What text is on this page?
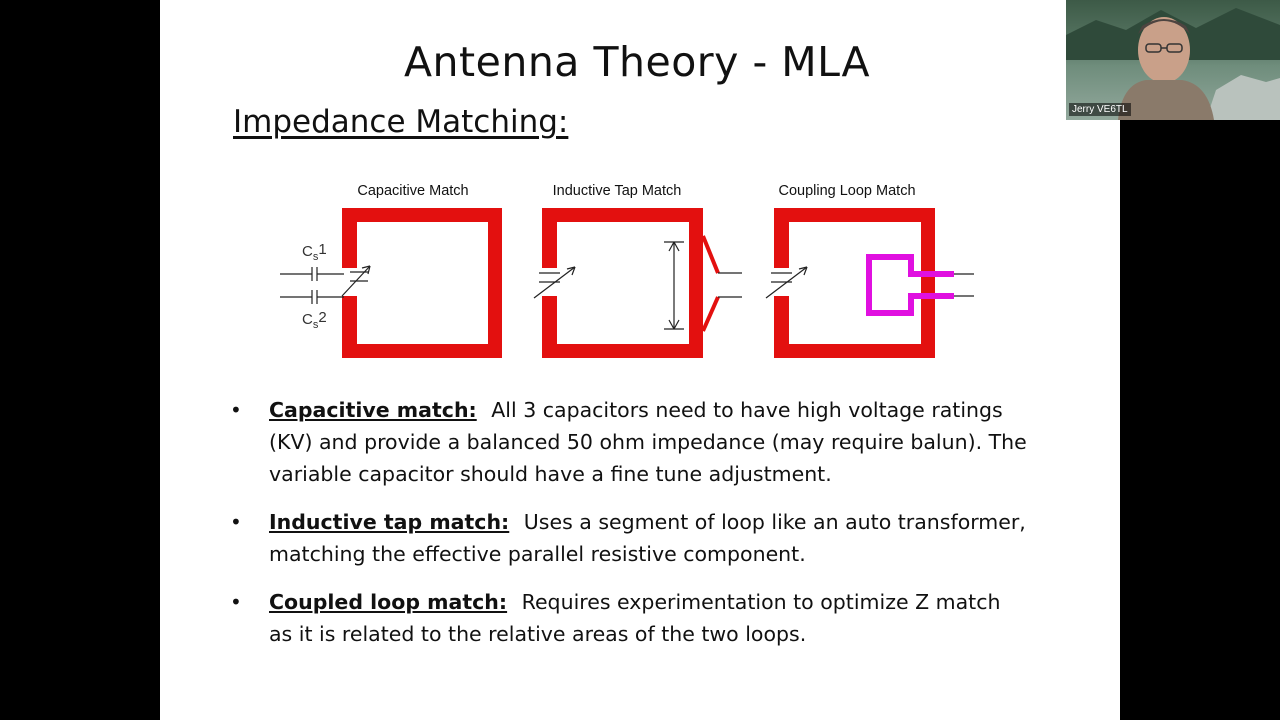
Antenna Theory - MLA
Impedance Matching:
Capacitive Match	Inductive Tap Match	Coupling Loop Match
$C_s1$
$C_s2$
• Capacitive match: All 3 capacitors need to have high voltage ratings (KV) and provide a balanced 50 ohm impedance (may require balun). The variable capacitor should have a fine tune adjustment.
• Inductive tap match: Uses a segment of loop like an auto transformer, matching the effective parallel resistive component.
• Coupled loop match: Requires experimentation to optimize Z match as it is related to the relative areas of the two loops.
Jerry VE6TL
